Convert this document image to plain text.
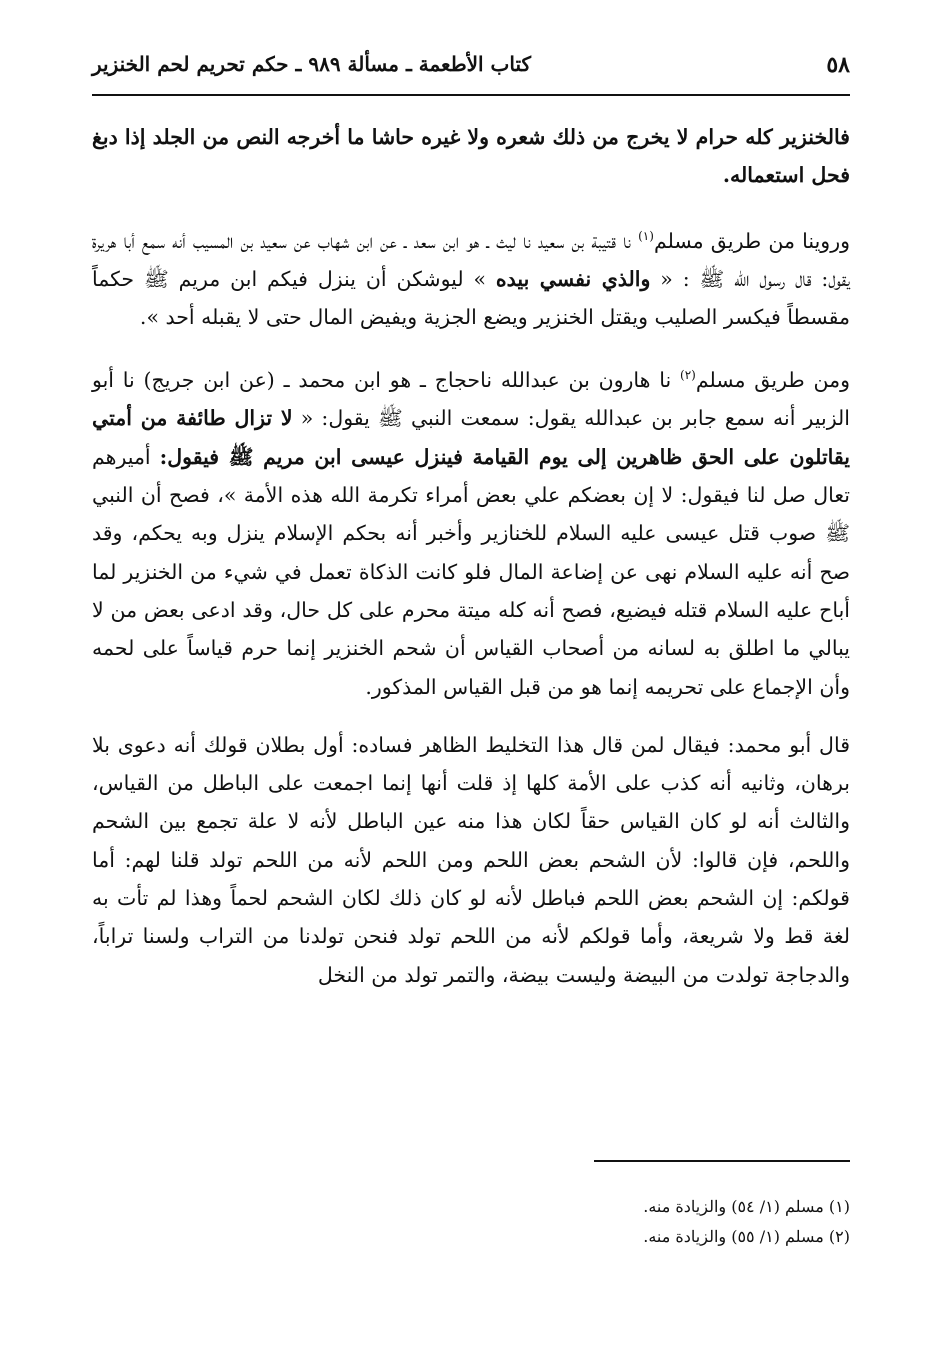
٥٨
كتاب الأطعمة ـ مسألة ٩٨٩ ـ حكم تحريم لحم الخنزير

فالخنزير كله حرام لا يخرج من ذلك شعره ولا غيره حاشا ما أخرجه النص من الجلد إذا دبغ فحل استعماله.

وروينا من طريق مسلم$^{(١)}$ نا قتيبة بن سعيد نا ليث ـ هو ابن سعد ـ عن ابن شهاب عن سعيد بن المسيب أنه سمع أبا هريرة يقول: قال رسول الله ﷺ : « والذي نفسي بيده » ليوشكن أن ينزل فيكم ابن مريم ﷺ حكماً مقسطاً فيكسر الصليب ويقتل الخنزير ويضع الجزية ويفيض المال حتى لا يقبله أحد ».

ومن طريق مسلم$^{(٢)}$ نا هارون بن عبدالله ناحجاج ـ هو ابن محمد ـ (عن ابن جريج) نا أبو الزبير أنه سمع جابر بن عبدالله يقول: سمعت النبي ﷺ يقول: « لا تزال طائفة من أمتي يقاتلون على الحق ظاهرين إلى يوم القيامة فينزل عيسى ابن مريم ﷺ فيقول: أميرهم تعال صل لنا فيقول: لا إن بعضكم علي بعض أمراء تكرمة الله هذه الأمة »، فصح أن النبي ﷺ صوب قتل عيسى عليه السلام للخنازير وأخبر أنه بحكم الإسلام ينزل وبه يحكم، وقد صح أنه عليه السلام نهى عن إضاعة المال فلو كانت الذكاة تعمل في شيء من الخنزير لما أباح عليه السلام قتله فيضيع، فصح أنه كله ميتة محرم على كل حال، وقد ادعى بعض من لا يبالي ما اطلق به لسانه من أصحاب القياس أن شحم الخنزير إنما حرم قياساً على لحمه وأن الإجماع على تحريمه إنما هو من قبل القياس المذكور.

قال أبو محمد: فيقال لمن قال هذا التخليط الظاهر فساده: أول بطلان قولك أنه دعوى بلا برهان، وثانيه أنه كذب على الأمة كلها إذ قلت أنها إنما اجمعت على الباطل من القياس، والثالث أنه لو كان القياس حقاً لكان هذا منه عين الباطل لأنه لا علة تجمع بين الشحم واللحم، فإن قالوا: لأن الشحم بعض اللحم ومن اللحم لأنه من اللحم تولد قلنا لهم: أما قولكم: إن الشحم بعض اللحم فباطل لأنه لو كان ذلك لكان الشحم لحماً وهذا لم تأت به لغة قط ولا شريعة، وأما قولكم لأنه من اللحم تولد فنحن تولدنا من التراب ولسنا تراباً، والدجاجة تولدت من البيضة وليست بيضة، والتمر تولد من النخل

(١) مسلم (١/ ٥٤) والزيادة منه.
(٢) مسلم (١/ ٥٥) والزيادة منه.
